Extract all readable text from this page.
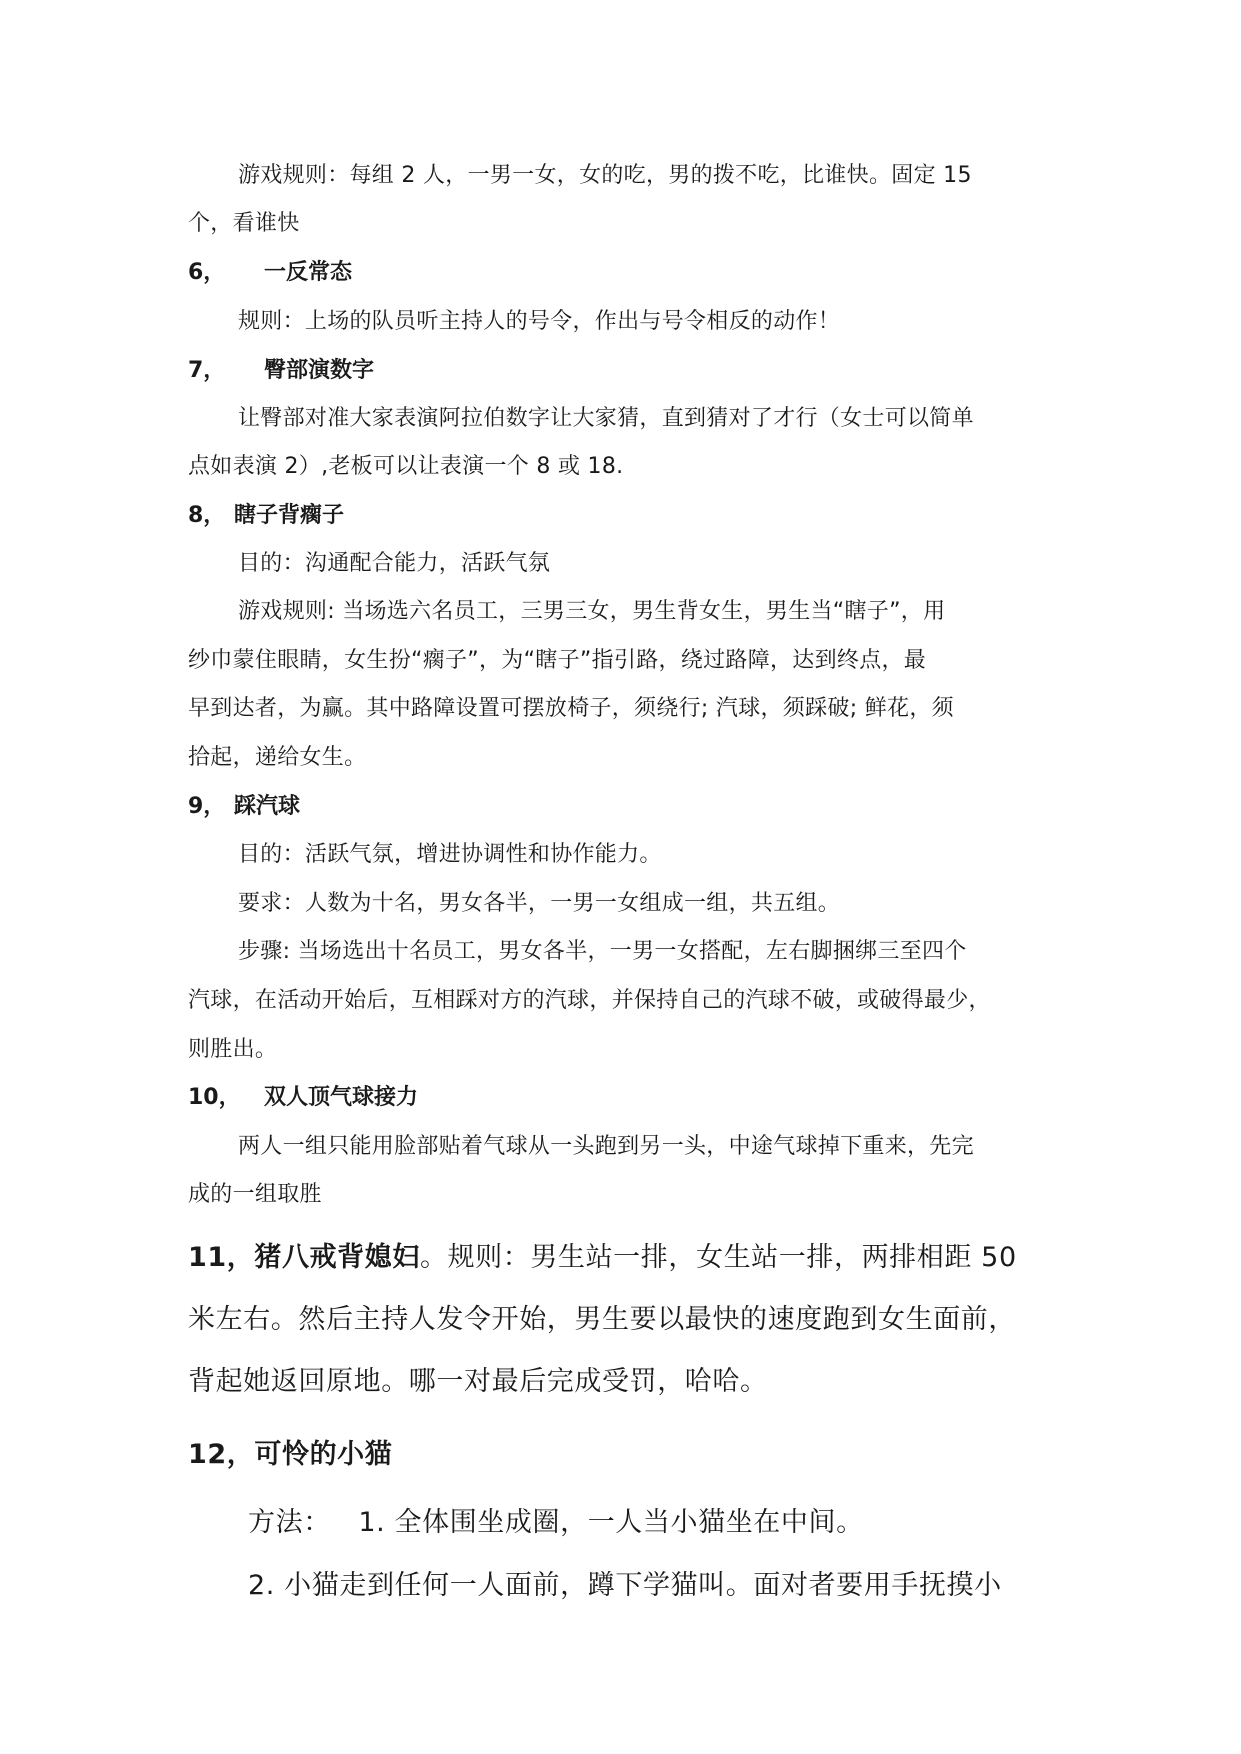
游戏规则：每组 2 人，一男一女，女的吃，男的拨不吃，比谁快。固定 15
个，看谁快
6， 一反常态
规则：上场的队员听主持人的号令，作出与号令相反的动作！
7， 臀部演数字
让臀部对准大家表演阿拉伯数字让大家猜，直到猜对了才行（女士可以简单
点如表演 2）,老板可以让表演一个 8 或 18.
8， 瞎子背瘸子
目的：沟通配合能力，活跃气氛
游戏规则: 当场选六名员工，三男三女，男生背女生，男生当“瞎子”，用
纱巾蒙住眼睛，女生扮“瘸子”，为“瞎子”指引路，绕过路障，达到终点，最
早到达者，为赢。其中路障设置可摆放椅子，须绕行; 汽球，须踩破; 鲜花，须
拾起，递给女生。
9， 踩汽球
目的：活跃气氛，增进协调性和协作能力。
要求：人数为十名，男女各半，一男一女组成一组，共五组。
步骤: 当场选出十名员工，男女各半，一男一女搭配，左右脚捆绑三至四个
汽球，在活动开始后，互相踩对方的汽球，并保持自己的汽球不破，或破得最少，
则胜出。
10， 双人顶气球接力
两人一组只能用脸部贴着气球从一头跑到另一头，中途气球掉下重来，先完
成的一组取胜
11，猪八戒背媳妇。规则：男生站一排，女生站一排，两排相距 50
米左右。然后主持人发令开始，男生要以最快的速度跑到女生面前，
背起她返回原地。哪一对最后完成受罚，哈哈。
12，可怜的小猫
方法：   1. 全体围坐成圈，一人当小猫坐在中间。
2. 小猫走到任何一人面前，蹲下学猫叫。面对者要用手抚摸小
